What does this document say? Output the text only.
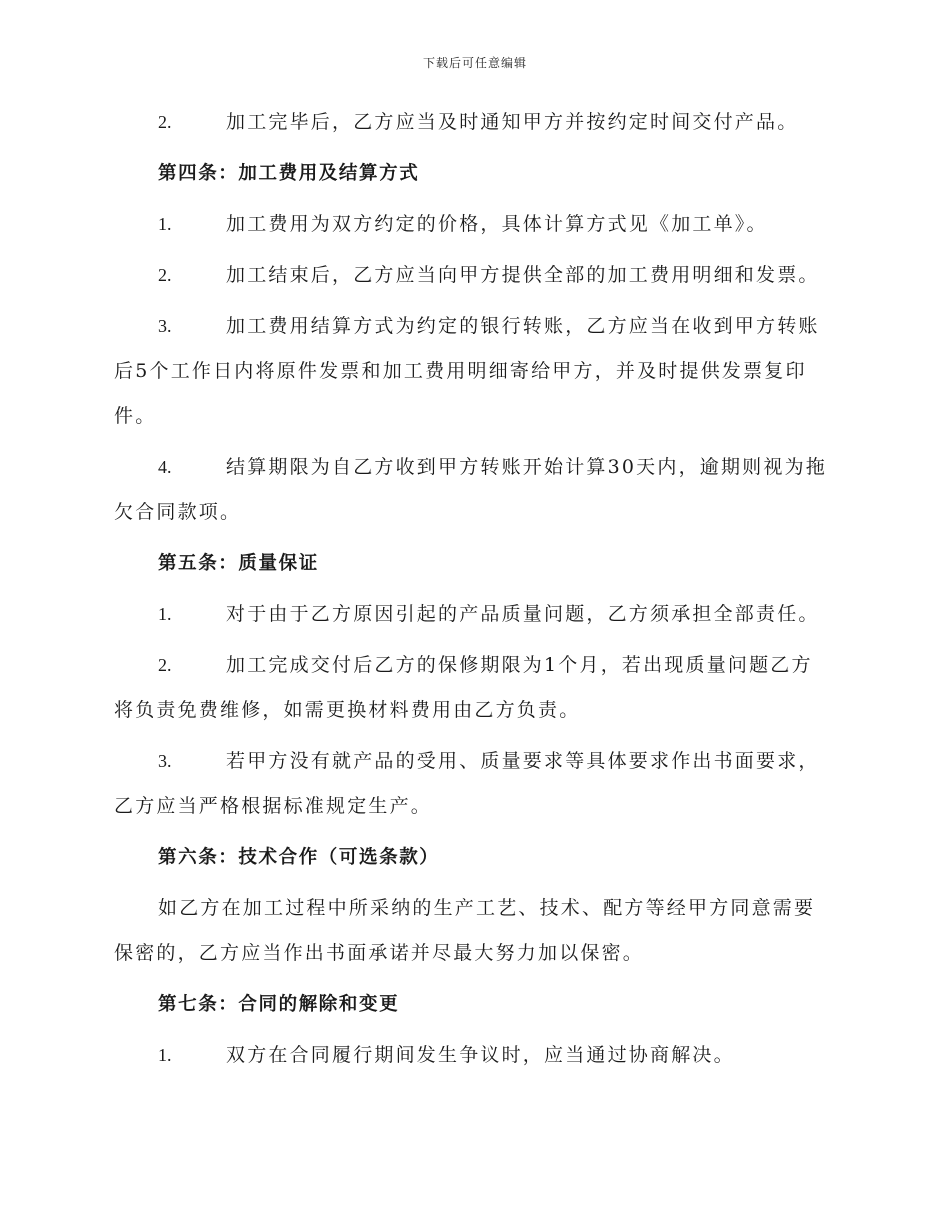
下载后可任意编辑
2.	加工完毕后，乙方应当及时通知甲方并按约定时间交付产品。
第四条：加工费用及结算方式
1.	加工费用为双方约定的价格，具体计算方式见《加工单》。
2.	加工结束后，乙方应当向甲方提供全部的加工费用明细和发票。
3.	加工费用结算方式为约定的银行转账，乙方应当在收到甲方转账后5个工作日内将原件发票和加工费用明细寄给甲方，并及时提供发票复印件。
4.	结算期限为自乙方收到甲方转账开始计算30天内，逾期则视为拖欠合同款项。
第五条：质量保证
1.	对于由于乙方原因引起的产品质量问题，乙方须承担全部责任。
2.	加工完成交付后乙方的保修期限为1个月，若出现质量问题乙方将负责免费维修，如需更换材料费用由乙方负责。
3.	若甲方没有就产品的受用、质量要求等具体要求作出书面要求，乙方应当严格根据标准规定生产。
第六条：技术合作（可选条款）
如乙方在加工过程中所采纳的生产工艺、技术、配方等经甲方同意需要保密的，乙方应当作出书面承诺并尽最大努力加以保密。
第七条：合同的解除和变更
1.	双方在合同履行期间发生争议时，应当通过协商解决。
